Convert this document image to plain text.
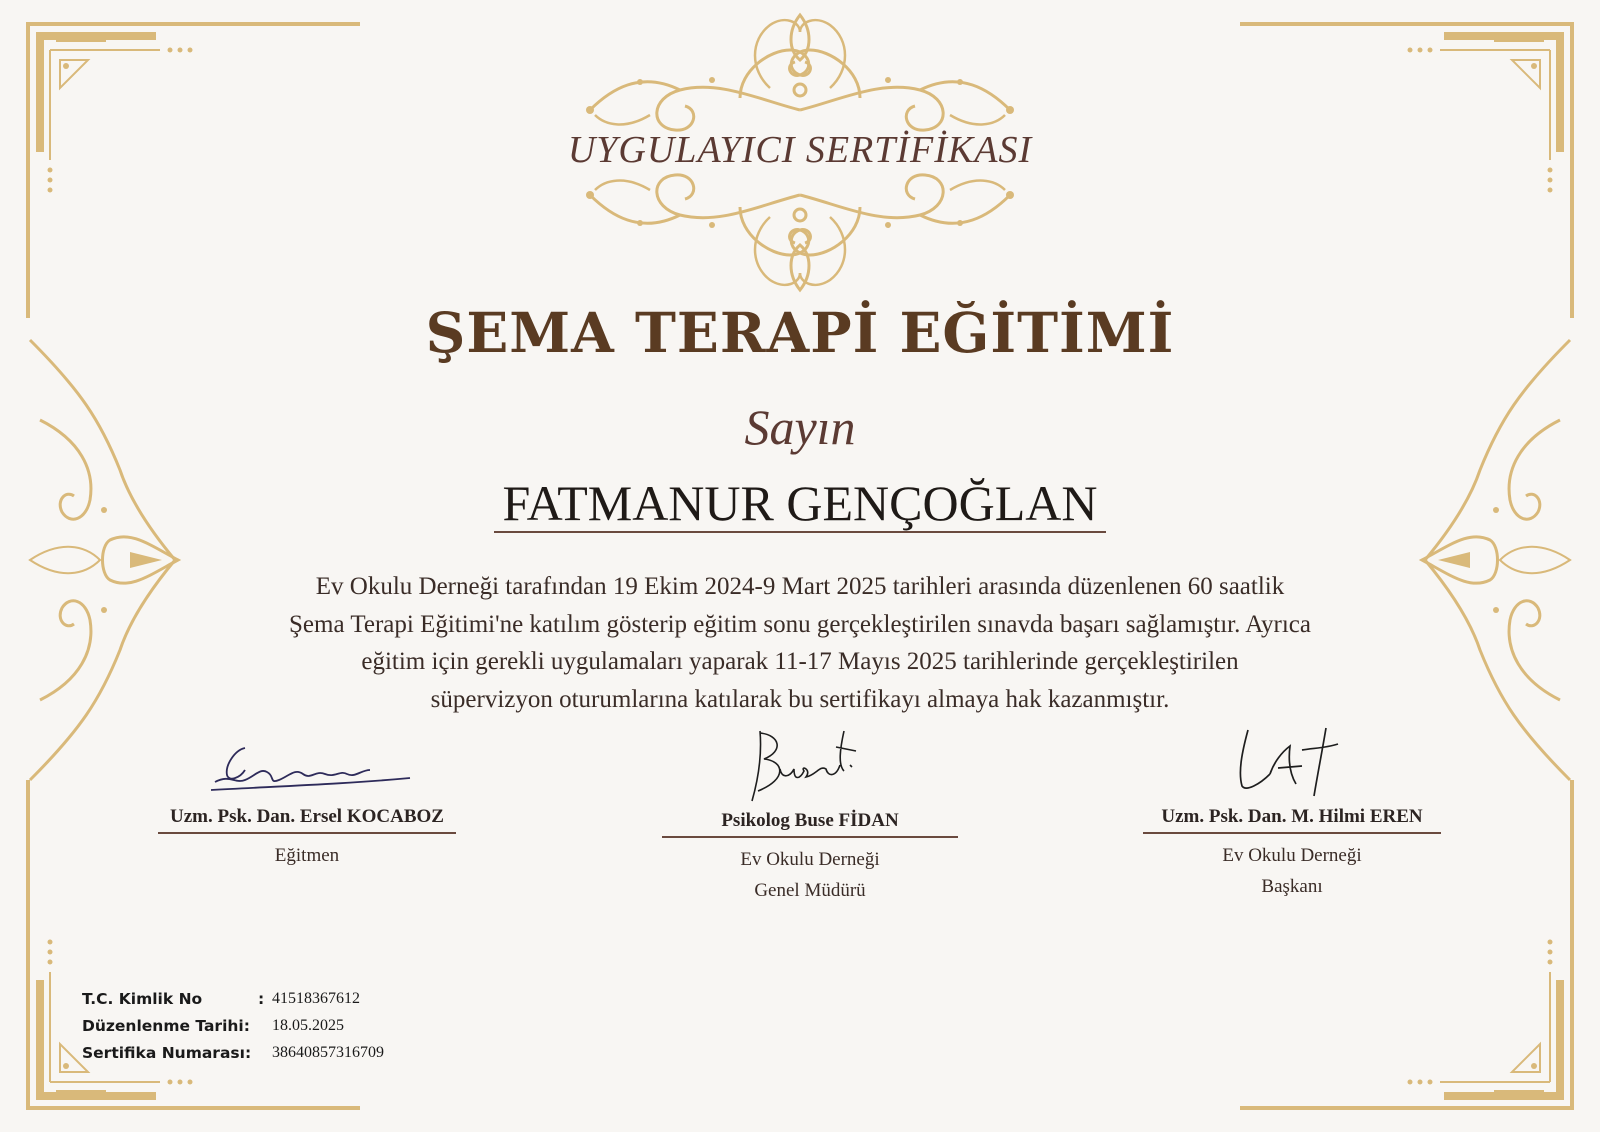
UYGULAYICI SERTİFİKASI
ŞEMA TERAPİ EĞİTİMİ
Sayın
FATMANUR GENÇOĞLAN
Ev Okulu Derneği tarafından 19 Ekim 2024-9 Mart 2025 tarihleri arasında düzenlenen 60 saatlik
Şema Terapi Eğitimi'ne katılım gösterip eğitim sonu gerçekleştirilen sınavda başarı sağlamıştır. Ayrıca
eğitim için gerekli uygulamaları yaparak 11-17 Mayıs 2025 tarihlerinde gerçekleştirilen
süpervizyon oturumlarına katılarak bu sertifikayı almaya hak kazanmıştır.
Uzm. Psk. Dan. Ersel KOCABOZ
Eğitmen
Psikolog Buse FİDAN
Ev Okulu Derneği
Genel Müdürü
Uzm. Psk. Dan. M. Hilmi EREN
Ev Okulu Derneği
Başkanı
T.C. Kimlik No	: 41518367612
Düzenlenme Tarihi: 18.05.2025
Sertifika Numarası: 38640857316709
